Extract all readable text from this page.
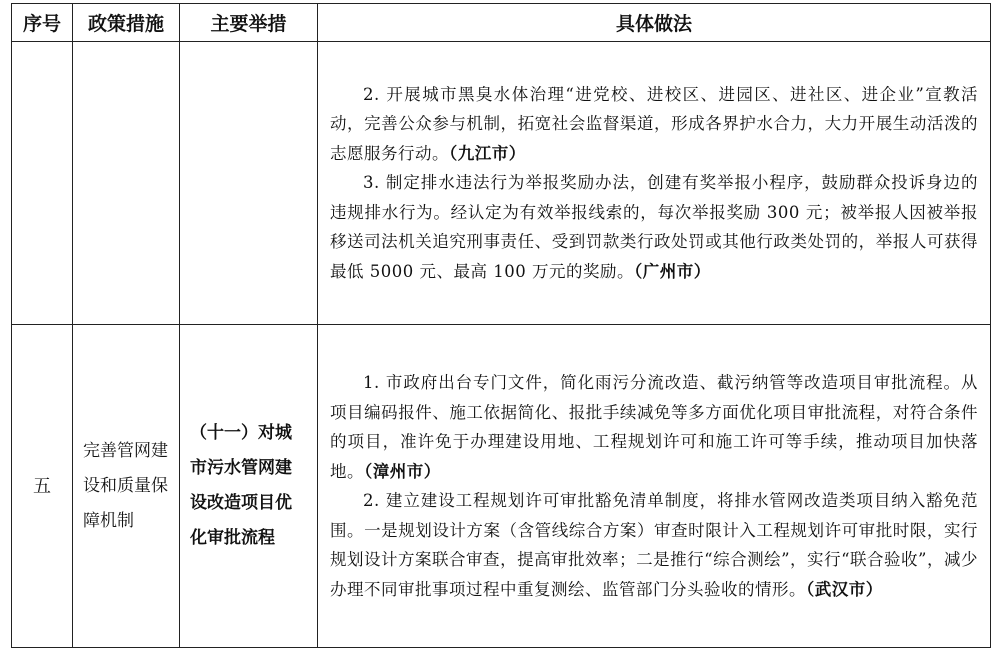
序号	政策措施	主要举措	具体做法

			2. 开展城市黑臭水体治理“进党校、进校区、进园区、进社区、进企业”宣教活动，完善公众参与机制，拓宽社会监督渠道，形成各界护水合力，大力开展生动活泼的志愿服务行动。（九江市）

3. 制定排水违法行为举报奖励办法，创建有奖举报小程序，鼓励群众投诉身边的违规排水行为。经认定为有效举报线索的，每次举报奖励 300 元；被举报人因被举报移送司法机关追究刑事责任、受到罚款类行政处罚或其他行政类处罚的，举报人可获得最低 5000 元、最高 100 万元的奖励。（广州市）

五	完善管网建设和质量保障机制	（十一）对城市污水管网建设改造项目优化审批流程	1. 市政府出台专门文件，简化雨污分流改造、截污纳管等改造项目审批流程。从项目编码报件、施工依据简化、报批手续减免等多方面优化项目审批流程，对符合条件的项目，准许免于办理建设用地、工程规划许可和施工许可等手续，推动项目加快落地。（漳州市）

2. 建立建设工程规划许可审批豁免清单制度，将排水管网改造类项目纳入豁免范围。一是规划设计方案（含管线综合方案）审查时限计入工程规划许可审批时限，实行规划设计方案联合审查，提高审批效率；二是推行“综合测绘”，实行“联合验收”，减少办理不同审批事项过程中重复测绘、监管部门分头验收的情形。（武汉市）
